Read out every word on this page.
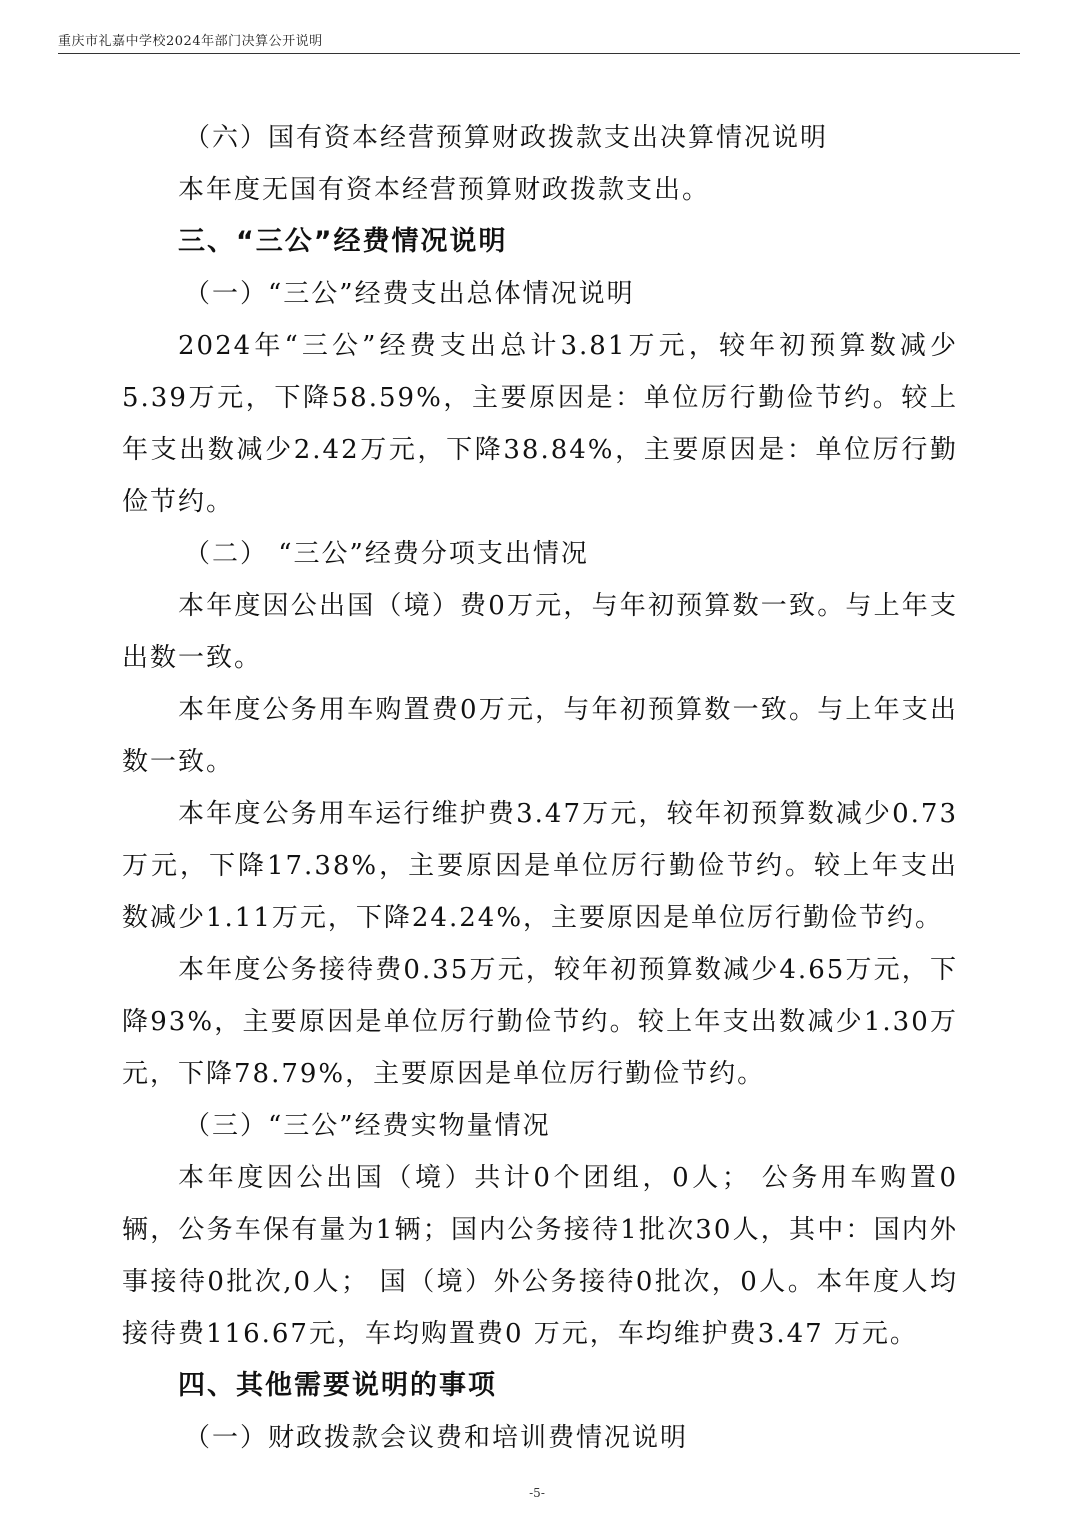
重庆市礼嘉中学校2024年部门决算公开说明

（六）国有资本经营预算财政拨款支出决算情况说明

本年度无国有资本经营预算财政拨款支出。

三、“三公”经费情况说明

（一）“三公”经费支出总体情况说明

2024年“三公”经费支出总计3.81万元，较年初预算数减少5.39万元，下降58.59%，主要原因是：单位厉行勤俭节约。较上年支出数减少2.42万元，下降38.84%，主要原因是：单位厉行勤俭节约。

（二） “三公”经费分项支出情况

本年度因公出国（境）费0万元，与年初预算数一致。与上年支出数一致。

本年度公务用车购置费0万元，与年初预算数一致。与上年支出数一致。

本年度公务用车运行维护费3.47万元，较年初预算数减少0.73万元，下降17.38%，主要原因是单位厉行勤俭节约。较上年支出数减少1.11万元，下降24.24%，主要原因是单位厉行勤俭节约。

本年度公务接待费0.35万元，较年初预算数减少4.65万元，下降93%，主要原因是单位厉行勤俭节约。较上年支出数减少1.30万元，下降78.79%，主要原因是单位厉行勤俭节约。

（三）“三公”经费实物量情况

本年度因公出国（境）共计0个团组，0人； 公务用车购置0辆，公务车保有量为1辆；国内公务接待1批次30人，其中：国内外事接待0批次,0人； 国（境）外公务接待0批次，0人。本年度人均接待费116.67元，车均购置费0 万元，车均维护费3.47 万元。

四、其他需要说明的事项

（一）财政拨款会议费和培训费情况说明

-5-
